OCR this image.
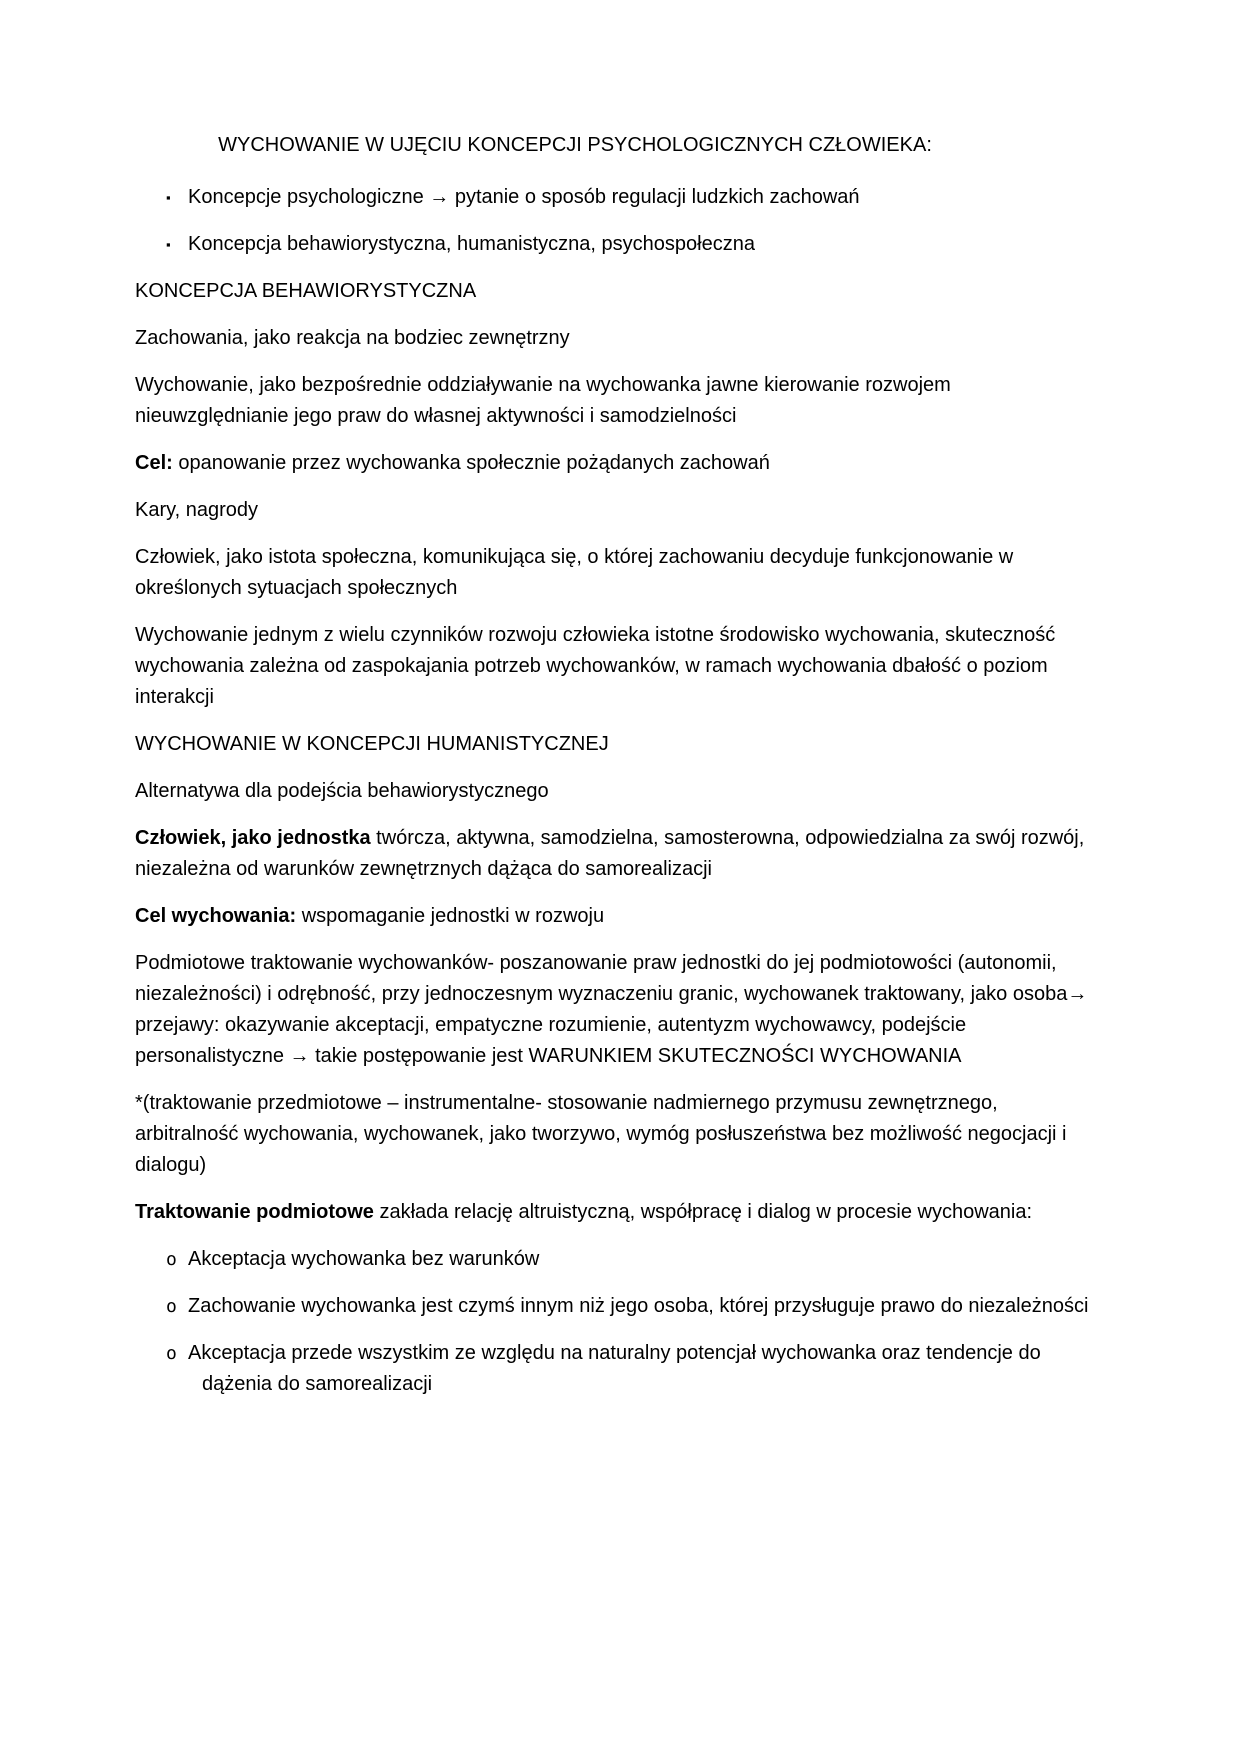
WYCHOWANIE W UJĘCIU KONCEPCJI PSYCHOLOGICZNYCH CZŁOWIEKA:
▪ Koncepcje psychologiczne → pytanie o sposób regulacji ludzkich zachowań
▪ Koncepcja behawiorystyczna, humanistyczna, psychospołeczna

KONCEPCJA BEHAWIORYSTYCZNA

Zachowania, jako reakcja na bodziec zewnętrzny

Wychowanie, jako bezpośrednie oddziaływanie na wychowanka jawne kierowanie rozwojem nieuwzględnianie jego praw do własnej aktywności i samodzielności

Cel: opanowanie przez wychowanka społecznie pożądanych zachowań

Kary, nagrody

Człowiek, jako istota społeczna, komunikująca się, o której zachowaniu decyduje funkcjonowanie w określonych sytuacjach społecznych

Wychowanie jednym z wielu czynników rozwoju człowieka istotne środowisko wychowania, skuteczność wychowania zależna od zaspokajania potrzeb wychowanków, w ramach wychowania dbałość o poziom interakcji

WYCHOWANIE W KONCEPCJI HUMANISTYCZNEJ

Alternatywa dla podejścia behawiorystycznego

Człowiek, jako jednostka twórcza, aktywna, samodzielna, samosterowna, odpowiedzialna za swój rozwój, niezależna od warunków zewnętrznych dążąca do samorealizacji

Cel wychowania: wspomaganie jednostki w rozwoju

Podmiotowe traktowanie wychowanków- poszanowanie praw jednostki do jej podmiotowości (autonomii, niezależności) i odrębność, przy jednoczesnym wyznaczeniu granic, wychowanek traktowany, jako osoba→ przejawy: okazywanie akceptacji, empatyczne rozumienie, autentyzm wychowawcy, podejście personalistyczne → takie postępowanie jest WARUNKIEM SKUTECZNOŚCI WYCHOWANIA

*(traktowanie przedmiotowe – instrumentalne- stosowanie nadmiernego przymusu zewnętrznego, arbitralność wychowania, wychowanek, jako tworzywo, wymóg posłuszeństwa bez możliwość negocjacji i dialogu)

Traktowanie podmiotowe zakłada relację altruistyczną, współpracę i dialog w procesie wychowania:

o Akceptacja wychowanka bez warunków
o Zachowanie wychowanka jest czymś innym niż jego osoba, której przysługuje prawo do niezależności
o Akceptacja przede wszystkim ze względu na naturalny potencjał wychowanka oraz tendencje do dążenia do samorealizacji
